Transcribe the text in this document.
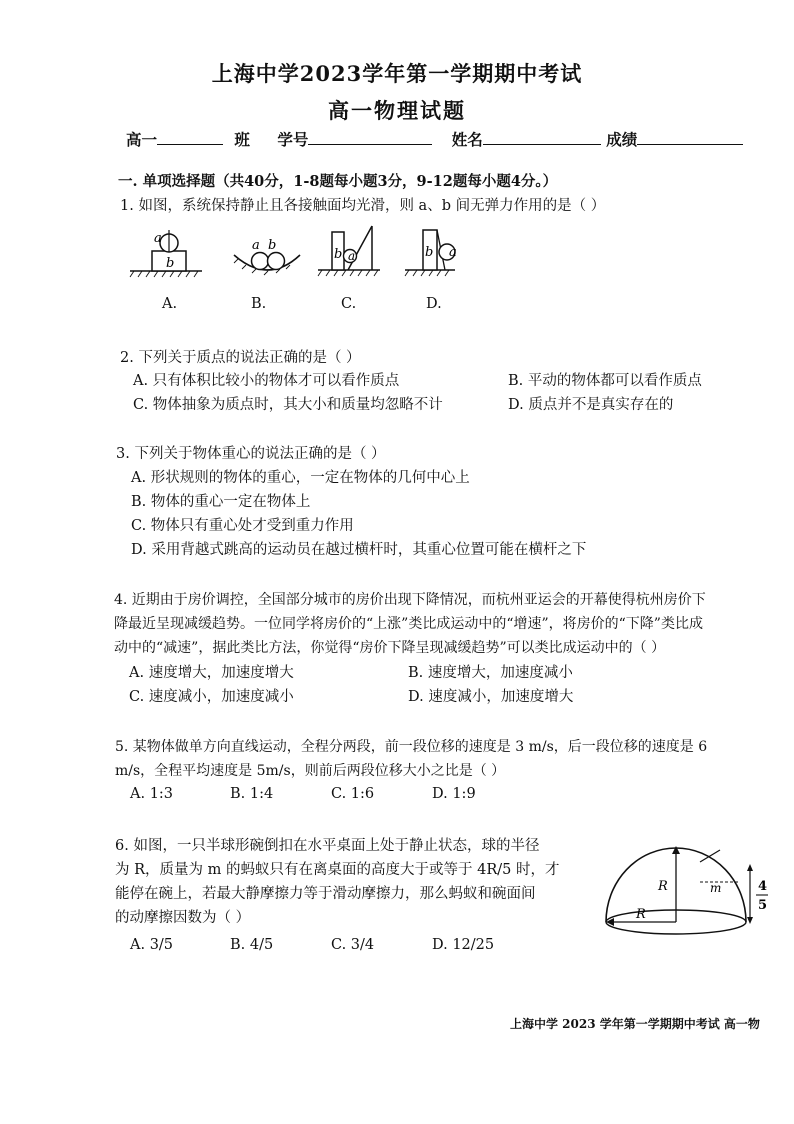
上海中学2023学年第一学期期中考试
高一物理试题
高一	班 学号	姓名	成绩
一. 单项选择题（共40分，1-8题每小题3分，9-12题每小题4分。）
1. 如图，系统保持静止且各接触面均光滑，则 a、b 间无弹力作用的是（ ）
a
b
a b
b a	b a
A.	B.	C.	D.
2. 下列关于质点的说法正确的是（ ）
A. 只有体积比较小的物体才可以看作质点	B. 平动的物体都可以看作质点
C. 物体抽象为质点时，其大小和质量均忽略不计	D. 质点并不是真实存在的
3. 下列关于物体重心的说法正确的是（ ）
A. 形状规则的物体的重心，一定在物体的几何中心上
B. 物体的重心一定在物体上
C. 物体只有重心处才受到重力作用
D. 采用背越式跳高的运动员在越过横杆时，其重心位置可能在横杆之下
4. 近期由于房价调控，全国部分城市的房价出现下降情况，而杭州亚运会的开幕使得杭州房价下
降最近呈现减缓趋势。一位同学将房价的“上涨”类比成运动中的“增速”，将房价的“下降”类比成
动中的“减速”，据此类比方法，你觉得“房价下降呈现减缓趋势”可以类比成运动中的（ ）
A. 速度增大，加速度增大	B. 速度增大，加速度减小
C. 速度减小，加速度减小	D. 速度减小，加速度增大
5. 某物体做单方向直线运动，全程分两段，前一段位移的速度是 3 m/s，后一段位移的速度是 6
m/s，全程平均速度是 5m/s，则前后两段位移大小之比是（ ）
A. 1:3	B. 1:4	C. 1:6	D. 1:9
6. 如图，一只半球形碗倒扣在水平桌面上处于静止状态，球的半径
为 R，质量为 m 的蚂蚁只有在离桌面的高度大于或等于 4R/5 时，才
能停在碗上，若最大静摩擦力等于滑动摩擦力，那么蚂蚁和碗面间
的动摩擦因数为（ ）
A. 3/5	B. 4/5	C. 3/4	D. 12/25
R
R
m	4
5
上海中学 2023 学年第一学期期中考试 高一物
